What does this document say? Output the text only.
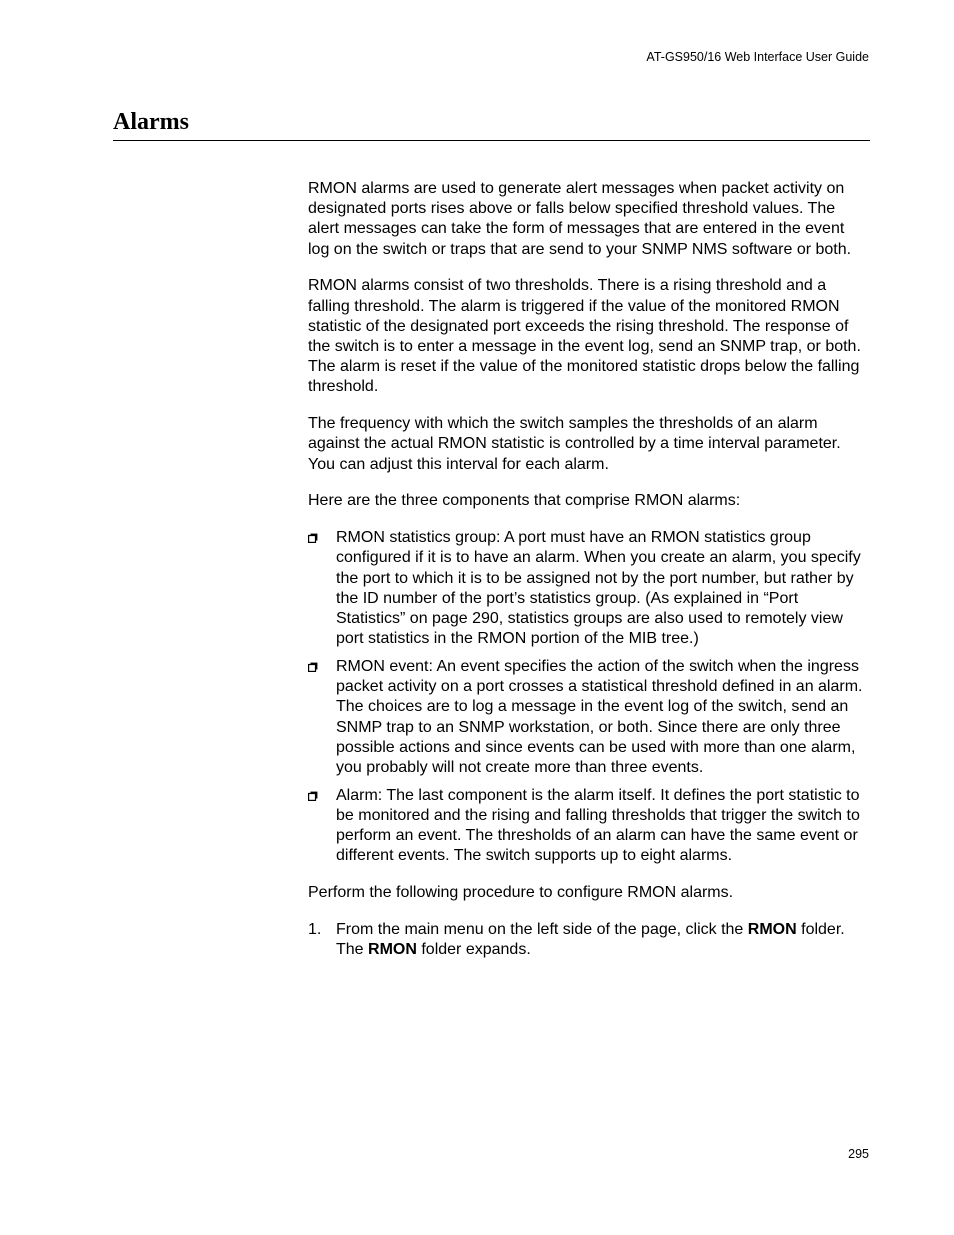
AT-GS950/16 Web Interface User Guide
Alarms

RMON alarms are used to generate alert messages when packet activity on designated ports rises above or falls below specified threshold values. The alert messages can take the form of messages that are entered in the event log on the switch or traps that are send to your SNMP NMS software or both.

RMON alarms consist of two thresholds. There is a rising threshold and a falling threshold. The alarm is triggered if the value of the monitored RMON statistic of the designated port exceeds the rising threshold. The response of the switch is to enter a message in the event log, send an SNMP trap, or both. The alarm is reset if the value of the monitored statistic drops below the falling threshold.

The frequency with which the switch samples the thresholds of an alarm against the actual RMON statistic is controlled by a time interval parameter. You can adjust this interval for each alarm.

Here are the three components that comprise RMON alarms:

RMON statistics group: A port must have an RMON statistics group configured if it is to have an alarm. When you create an alarm, you specify the port to which it is to be assigned not by the port number, but rather by the ID number of the port’s statistics group. (As explained in “Port Statistics” on page 290, statistics groups are also used to remotely view port statistics in the RMON portion of the MIB tree.)
RMON event: An event specifies the action of the switch when the ingress packet activity on a port crosses a statistical threshold defined in an alarm. The choices are to log a message in the event log of the switch, send an SNMP trap to an SNMP workstation, or both. Since there are only three possible actions and since events can be used with more than one alarm, you probably will not create more than three events.
Alarm: The last component is the alarm itself. It defines the port statistic to be monitored and the rising and falling thresholds that trigger the switch to perform an event. The thresholds of an alarm can have the same event or different events. The switch supports up to eight alarms.

Perform the following procedure to configure RMON alarms.

1. From the main menu on the left side of the page, click the RMON folder.
The RMON folder expands.
295
